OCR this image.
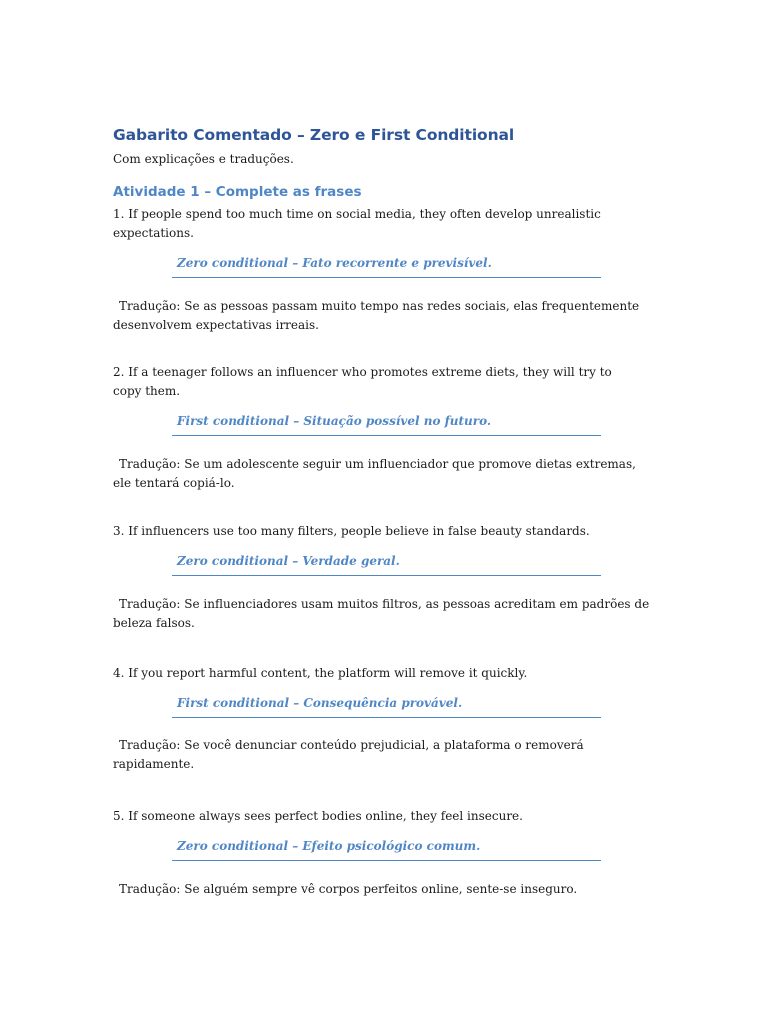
Gabarito Comentado – Zero e First Conditional

Com explicações e traduções.

Atividade 1 – Complete as frases

1. If people spend too much time on social media, they often develop unrealistic expectations.

Zero conditional – Fato recorrente e previsível.

Tradução: Se as pessoas passam muito tempo nas redes sociais, elas frequentemente desenvolvem expectativas irreais.

2. If a teenager follows an influencer who promotes extreme diets, they will try to copy them.

First conditional – Situação possível no futuro.

Tradução: Se um adolescente seguir um influenciador que promove dietas extremas, ele tentará copiá-lo.

3. If influencers use too many filters, people believe in false beauty standards.

Zero conditional – Verdade geral.

Tradução: Se influenciadores usam muitos filtros, as pessoas acreditam em padrões de beleza falsos.

4. If you report harmful content, the platform will remove it quickly.

First conditional – Consequência provável.

Tradução: Se você denunciar conteúdo prejudicial, a plataforma o removerá rapidamente.

5. If someone always sees perfect bodies online, they feel insecure.

Zero conditional – Efeito psicológico comum.

Tradução: Se alguém sempre vê corpos perfeitos online, sente-se inseguro.
